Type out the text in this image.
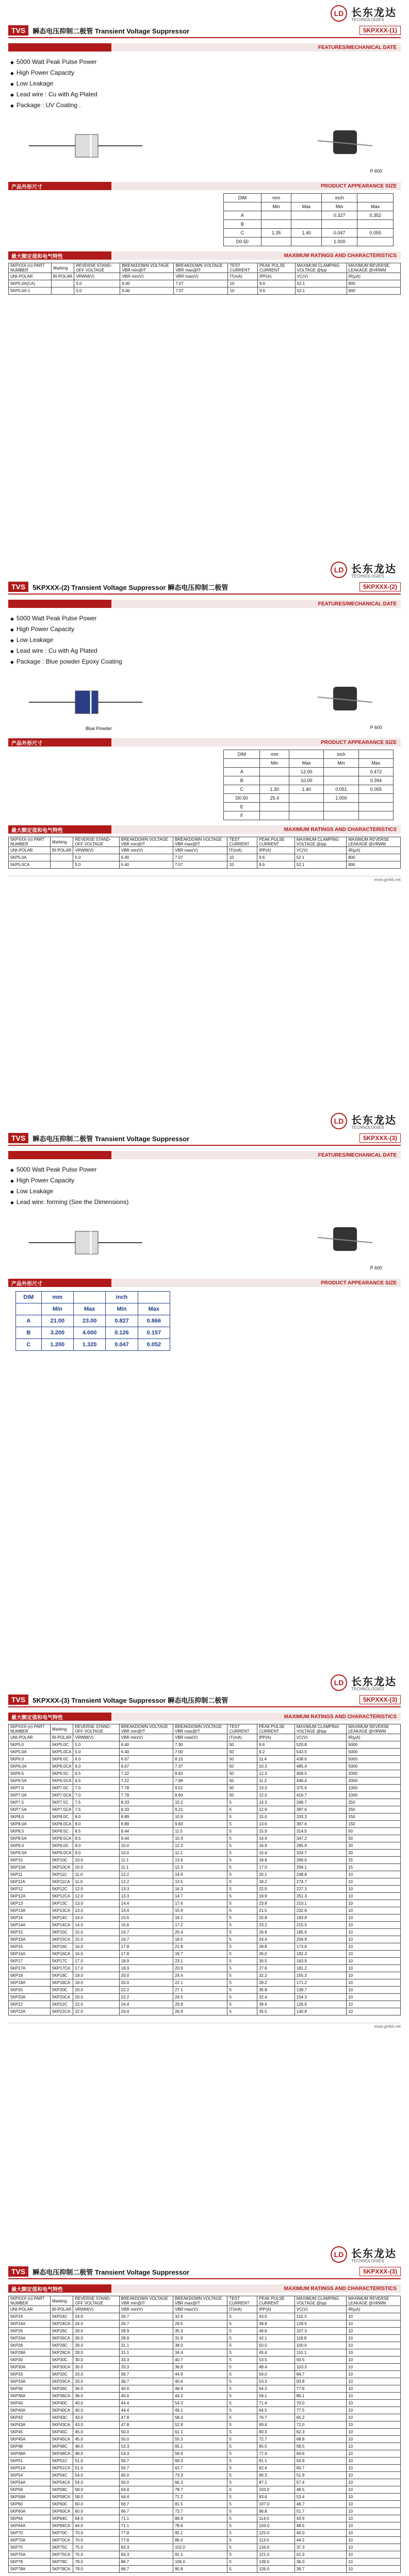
LD 长东龙达
TECHNOLOGIES
TVS	瞬态电压抑制二极管 Transient Voltage Suppressor	5KPXXX-(1)
FEATURES/MECHANICAL DATE
◆ 5000 Watt Peak Pulse Power
◆ High Power Capacity
◆ Low Leakage
◆ Lead wire : Cu with Ag Plated
◆ Package : UV Coating .
P 600
产品外形尺寸	PRODUCT APPEARANCE SIZE
DIM	mm		inch	
	Min	Max	Min	Max
A			0.327	0.352
B				
C	1.35	1.40	0.047	0.055
D0.50			1.000	
最大额定值和电气特性	MAXIMUM RATINGS AND CHARACTERISTICS
5KPXXX-(n) PART NUMBER	Marking	REVERSE STAND-OFF VOLTAGE	BREAKDOWN VOLTAGE VBR min@IT	BREAKDOWN VOLTAGE VBR max@IT	TEST CURRENT	PEAK PULSE CURRENT	MAXIMUM CLAMPING VOLTAGE @Ipp	MAXIMUM REVERSE LEAKAGE @VRWM
UNI-POLAR	BI-POLAR	VRWM(V)	VBR min(V)	VBR max(V)	IT(mA)	IPP(A)	VC(V)	IR(μA)
5KP5.0A(CA)		5.0	6.40	7.07	10	9.6	52.1	800
5KP5.0A-1		5.0	6.40	7.07	10	9.6	52.1	800
LD 长东龙达
TECHNOLOGIES
TVS	5KPXXX-(2) Transient Voltage Suppressor 瞬态电压抑制二极管	5KPXXX-(2)
FEATURES/MECHANICAL DATE
◆ 5000 Watt Peak Pulse Power
◆ High Power Capacity
◆ Low Leakage
◆ Lead wire : Cu with Ag Plated
◆ Package : Blue powder Epoxy Coating
P 600
Blue Powder
产品外形尺寸	PRODUCT APPEARANCE SIZE
DIM	mm		inch	
	Min	Max	Min	Max
A		12.00		0.472
B		10.00		0.394
C	1.30	1.40	0.051	0.055
D0.50	25.4		1.000	
E				
F				
最大额定值和电气特性	MAXIMUM RATINGS AND CHARACTERISTICS
5KPXXX-(n) PART NUMBER	Marking	REVERSE STAND-OFF VOLTAGE	BREAKDOWN VOLTAGE VBR min@IT	BREAKDOWN VOLTAGE VBR max@IT	TEST CURRENT	PEAK PULSE CURRENT	MAXIMUM CLAMPING VOLTAGE @Ipp	MAXIMUM REVERSE LEAKAGE @VRWM
UNI-POLAR	BI-POLAR	VRWM(V)	VBR min(V)	VBR max(V)	IT(mA)	IPP(A)	VC(V)	IR(μA)
5KP5.0A		5.0	6.40	7.07	10	9.6	52.1	800
5KP5.0CA		5.0	6.40	7.07	10	9.6	52.1	800
www.gmkit.net
LD 长东龙达
TECHNOLOGIES
TVS	瞬态电压抑制二极管 Transient Voltage Suppressor	5KPXXX-(3)
FEATURES/MECHANICAL DATE
◆ 5000 Watt Peak Pulse Power
◆ High Power Capacity
◆ Low Leakage
◆ Lead wire: forming (See the Dimensions)
P 600
产品外形尺寸	PRODUCT APPEARANCE SIZE
DIM	mm		inch	
	Min	Max	Min	Max
A	21.00	23.00	0.827	0.866
B	3.200	4.000	0.126	0.157
C	1.200	1.320	0.047	0.052
LD 长东龙达
TECHNOLOGIES
TVS	5KPXXX-(3) Transient Voltage Suppressor 瞬态电压抑制二极管	5KPXXX-(3)
最大额定值和电气特性	MAXIMUM RATINGS AND CHARACTERISTICS
5KPXXX-(n) PART NUMBER	Marking	REVERSE STAND-OFF VOLTAGE	BREAKDOWN VOLTAGE VBR min@IT	BREAKDOWN VOLTAGE VBR max@IT	TEST CURRENT	PEAK PULSE CURRENT	MAXIMUM CLAMPING VOLTAGE @Ipp	MAXIMUM REVERSE LEAKAGE @VRWM
UNI-POLAR	BI-POLAR	VRWM(V)	VBR min(V)	VBR max(V)	IT(mA)	IPP(A)	VC(V)	IR(μA)
5KP5.0	5KP5.0C	5.0	6.40	7.30	50	9.6	520.8	5000
5KP5.0A	5KP5.0CA	5.0	6.40	7.00	50	9.2	543.5	5000
5KP6.0	5KP6.0C	6.0	6.67	8.15	50	11.4	438.6	5000
5KP6.0A	5KP6.0CA	6.0	6.67	7.37	50	10.3	485.4	5000
5KP6.5	5KP6.5C	6.5	7.22	8.82	50	12.3	406.5	2000
5KP6.5A	5KP6.5CA	6.5	7.22	7.98	50	11.2	446.4	2000
5KP7.0	5KP7.0C	7.0	7.78	9.51	50	13.3	375.9	1000
5KP7.0A	5KP7.0CA	7.0	7.78	8.60	50	12.0	416.7	1000
5KP7.5	5KP7.5C	7.5	8.33	10.2	5	14.3	349.7	250
5KP7.5A	5KP7.5CA	7.5	8.33	9.21	5	12.9	387.6	250
5KP8.0	5KP8.0C	8.0	8.89	10.9	5	15.0	333.3	150
5KP8.0A	5KP8.0CA	8.0	8.89	9.83	5	13.6	367.6	150
5KP8.5	5KP8.5C	8.5	9.44	11.5	5	15.9	314.5	50
5KP8.5A	5KP8.5CA	8.5	9.44	10.4	5	14.4	347.2	50
5KP9.0	5KP9.0C	9.0	10.0	12.2	5	16.9	295.9	20
5KP9.0A	5KP9.0CA	9.0	10.0	11.1	5	15.4	324.7	20
5KP10	5KP10C	10.0	11.1	13.6	5	18.8	266.0	15
5KP10A	5KP10CA	10.0	11.1	12.3	5	17.0	294.1	15
5KP11	5KP11C	11.0	12.2	14.9	5	20.1	248.8	10
5KP11A	5KP11CA	11.0	12.2	13.5	5	18.2	274.7	10
5KP12	5KP12C	12.0	13.3	16.3	5	22.0	227.3	10
5KP12A	5KP12CA	12.0	13.3	14.7	5	19.9	251.3	10
5KP13	5KP13C	13.0	14.4	17.6	5	23.8	210.1	10
5KP13A	5KP13CA	13.0	14.4	15.9	5	21.5	232.6	10
5KP14	5KP14C	14.0	15.6	19.1	5	25.8	193.8	10
5KP14A	5KP14CA	14.0	15.6	17.2	5	23.2	215.5	10
5KP15	5KP15C	15.0	16.7	20.4	5	26.9	185.9	10
5KP15A	5KP15CA	15.0	16.7	18.5	5	24.4	204.9	10
5KP16	5KP16C	16.0	17.8	21.8	5	28.8	173.6	10
5KP16A	5KP16CA	16.0	17.8	19.7	5	26.0	192.3	10
5KP17	5KP17C	17.0	18.9	23.1	5	30.5	163.9	10
5KP17A	5KP17CA	17.0	18.9	20.9	5	27.6	181.2	10
5KP18	5KP18C	18.0	20.0	24.4	5	32.2	155.3	10
5KP18A	5KP18CA	18.0	20.0	22.1	5	29.2	171.2	10
5KP20	5KP20C	20.0	22.2	27.1	5	35.8	139.7	10
5KP20A	5KP20CA	20.0	22.2	24.5	5	32.4	154.3	10
5KP22	5KP22C	22.0	24.4	29.8	5	39.4	126.9	10
5KP22A	5KP22CA	22.0	24.4	26.9	5	35.5	140.8	10
www.gmkit.net
LD 长东龙达
TECHNOLOGIES
TVS	瞬态电压抑制二极管 Transient Voltage Suppressor	5KPXXX-(3)
最大额定值和电气特性	MAXIMUM RATINGS AND CHARACTERISTICS
5KPXXX-(n) PART NUMBER	Marking	REVERSE STAND-OFF VOLTAGE	BREAKDOWN VOLTAGE VBR min@IT	BREAKDOWN VOLTAGE VBR max@IT	TEST CURRENT	PEAK PULSE CURRENT	MAXIMUM CLAMPING VOLTAGE @Ipp	MAXIMUM REVERSE LEAKAGE @VRWM
UNI-POLAR	BI-POLAR	VRWM(V)	VBR min(V)	VBR max(V)	IT(mA)	IPP(A)	VC(V)	IR(μA)
5KP24	5KP24C	24.0	26.7	32.6	5	43.0	116.3	10
5KP24A	5KP24CA	24.0	26.7	29.5	5	38.9	128.5	10
5KP26	5KP26C	26.0	28.9	35.3	5	46.6	107.3	10
5KP26A	5KP26CA	26.0	28.9	31.9	5	42.1	118.8	10
5KP28	5KP28C	28.0	31.1	38.0	5	50.0	100.0	10
5KP28A	5KP28CA	28.0	31.1	34.4	5	45.4	110.1	10
5KP30	5KP30C	30.0	33.3	40.7	5	53.5	93.5	10
5KP30A	5KP30CA	30.0	33.3	36.8	5	48.4	103.3	10
5KP33	5KP33C	33.0	36.7	44.9	5	59.0	84.7	10
5KP33A	5KP33CA	33.0	36.7	40.6	5	53.3	93.8	10
5KP36	5KP36C	36.0	40.0	48.9	5	64.3	77.8	10
5KP36A	5KP36CA	36.0	40.0	44.2	5	58.1	86.1	10
5KP40	5KP40C	40.0	44.4	54.3	5	71.4	70.0	10
5KP40A	5KP40CA	40.0	44.4	49.1	5	64.5	77.5	10
5KP43	5KP43C	43.0	47.8	58.4	5	76.7	65.2	10
5KP43A	5KP43CA	43.0	47.8	52.8	5	69.4	72.0	10
5KP45	5KP45C	45.0	50.0	61.1	5	80.3	62.3	10
5KP45A	5KP45CA	45.0	50.0	55.3	5	72.7	68.8	10
5KP48	5KP48C	48.0	53.3	65.1	5	85.5	58.5	10
5KP48A	5KP48CA	48.0	53.3	58.9	5	77.4	64.6	10
5KP51	5KP51C	51.0	56.7	69.3	5	91.1	54.9	10
5KP51A	5KP51CA	51.0	56.7	62.7	5	82.4	60.7	10
5KP54	5KP54C	54.0	60.0	73.3	5	96.3	51.9	10
5KP54A	5KP54CA	54.0	60.0	66.3	5	87.1	57.4	10
5KP58	5KP58C	58.0	64.4	78.7	5	103.0	48.5	10
5KP58A	5KP58CA	58.0	64.4	71.2	5	93.6	53.4	10
5KP60	5KP60C	60.0	66.7	81.5	5	107.0	46.7	10
5KP60A	5KP60CA	60.0	66.7	73.7	5	96.8	51.7	10
5KP64	5KP64C	64.0	71.1	86.9	5	114.0	43.9	10
5KP64A	5KP64CA	64.0	71.1	78.6	5	103.0	48.5	10
5KP70	5KP70C	70.0	77.8	95.1	5	125.0	40.0	10
5KP70A	5KP70CA	70.0	77.8	86.0	5	113.0	44.2	10
5KP75	5KP75C	75.0	83.3	102.0	5	134.0	37.3	10
5KP75A	5KP75CA	75.0	83.3	92.1	5	121.0	41.3	10
5KP78	5KP78C	78.0	86.7	106.0	5	139.0	36.0	10
5KP78A	5KP78CA	78.0	86.7	95.8	5	126.0	39.7	10
